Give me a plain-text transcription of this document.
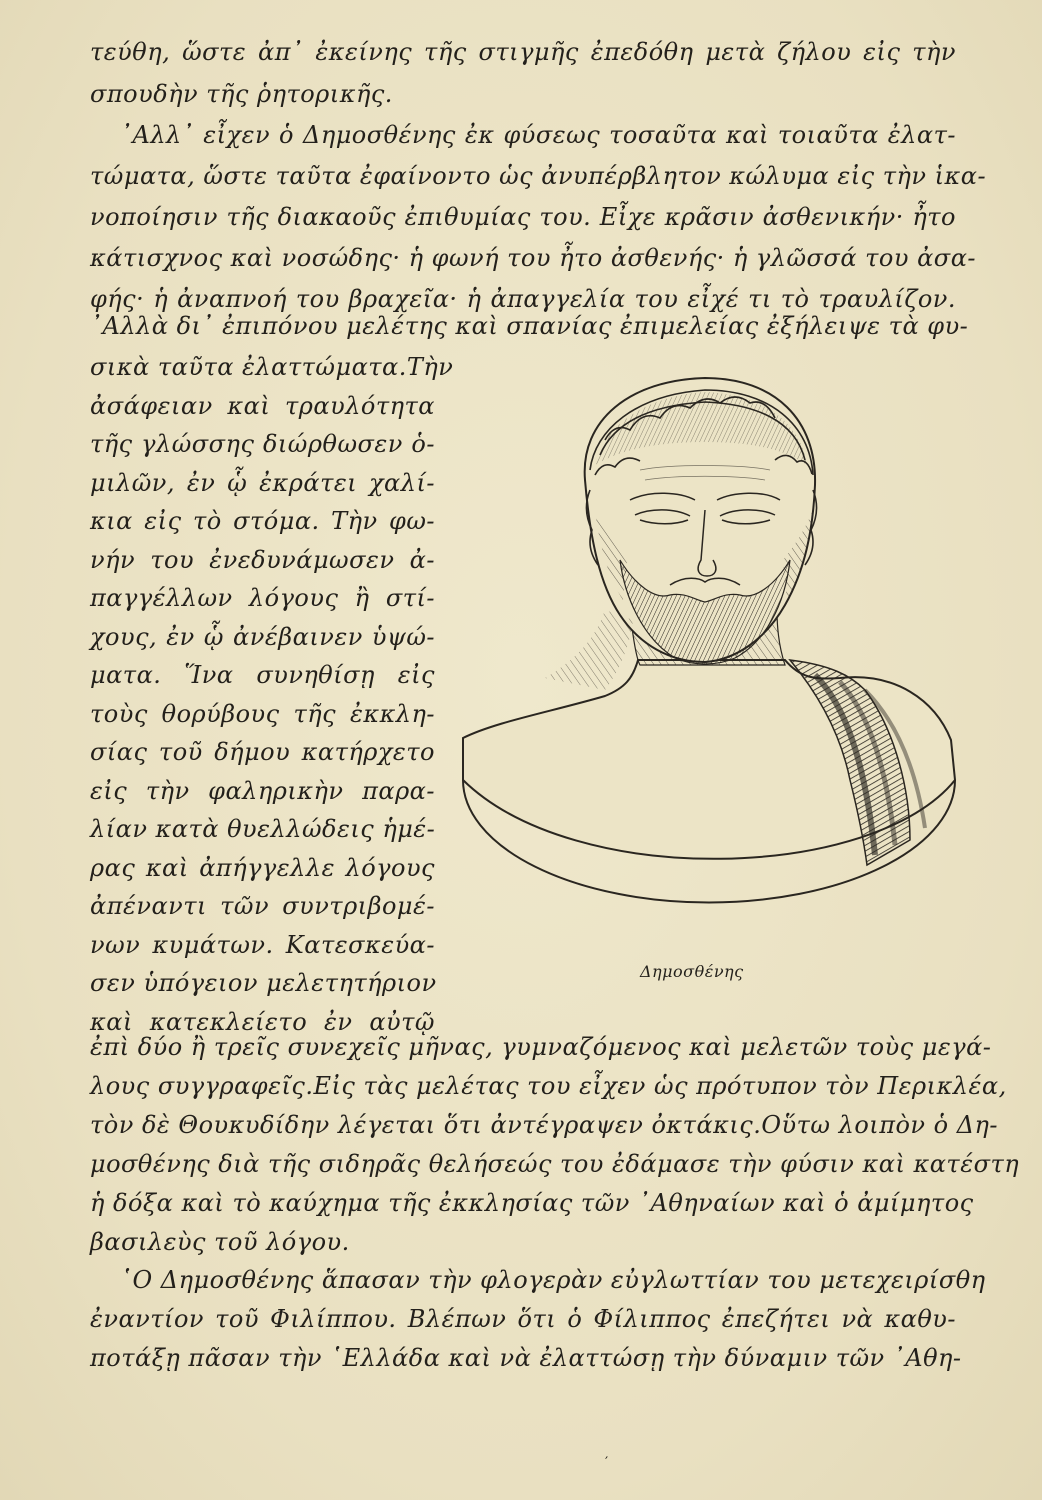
τεύθη, ὥστε ἀπ᾽ ἐκείνης τῆς στιγμῆς ἐπεδόθη μετὰ ζήλου εἰς τὴν
σπουδὴν τῆς ῥητορικῆς.
᾽Αλλ᾽ εἶχεν ὁ Δημοσθένης ἐκ φύσεως τοσαῦτα καὶ τοιαῦτα ἐλατ-
τώματα, ὥστε ταῦτα ἐφαίνοντο ὡς ἀνυπέρβλητον κώλυμα εἰς τὴν ἱκα-
νοποίησιν τῆς διακαοῦς ἐπιθυμίας του. Εἶχε κρᾶσιν ἀσθενικήν· ἦτο
κάτισχνος καὶ νοσώδης· ἡ φωνή του ἦτο ἀσθενής· ἡ γλῶσσά του ἀσα-
φής· ἡ ἀναπνοή του βραχεῖα· ἡ ἀπαγγελία του εἶχέ τι τὸ τραυλίζον.
᾽Αλλὰ δι᾽ ἐπιπόνου μελέτης καὶ σπανίας ἐπιμελείας ἐξήλειψε τὰ φυ-
σικὰ ταῦτα ἐλαττώματα.Τὴν
ἀσάφειαν καὶ τραυλότητα
τῆς γλώσσης διώρθωσεν ὁ-
μιλῶν, ἐν ᾧ ἐκράτει χαλί-
κια εἰς τὸ στόμα. Τὴν φω-
νήν του ἐνεδυνάμωσεν ἀ-
παγγέλλων λόγους ἢ στί-
χους, ἐν ᾧ ἀνέβαινεν ὑψώ-
ματα. Ἵνα συνηθίσῃ εἰς
τοὺς θορύβους τῆς ἐκκλη-
σίας τοῦ δήμου κατήρχετο
εἰς τὴν φαληρικὴν παρα-
λίαν κατὰ θυελλώδεις ἡμέ-
ρας καὶ ἀπήγγελλε λόγους
ἀπέναντι τῶν συντριβομέ-
νων κυμάτων. Κατεσκεύα-
σεν ὑπόγειον μελετητήριον
καὶ κατεκλείετο ἐν αὐτῷ
Δημοσθένης
ἐπὶ δύο ἢ τρεῖς συνεχεῖς μῆνας, γυμναζόμενος καὶ μελετῶν τοὺς μεγά-
λους συγγραφεῖς.Εἰς τὰς μελέτας του εἶχεν ὡς πρότυπον τὸν Περικλέα,
τὸν δὲ Θουκυδίδην λέγεται ὅτι ἀντέγραψεν ὀκτάκις.Οὕτω λοιπὸν ὁ Δη-
μοσθένης διὰ τῆς σιδηρᾶς θελήσεώς του ἐδάμασε τὴν φύσιν καὶ κατέστη
ἡ δόξα καὶ τὸ καύχημα τῆς ἐκκλησίας τῶν ᾽Αθηναίων καὶ ὁ ἀμίμητος
βασιλεὺς τοῦ λόγου.
῾Ο Δημοσθένης ἅπασαν τὴν φλογερὰν εὐγλωττίαν του μετεχειρίσθη
ἐναντίον τοῦ Φιλίππου. Βλέπων ὅτι ὁ Φίλιππος ἐπεζήτει νὰ καθυ-
ποτάξῃ πᾶσαν τὴν ῾Ελλάδα καὶ νὰ ἐλαττώσῃ τὴν δύναμιν τῶν ᾽Αθη-
′
